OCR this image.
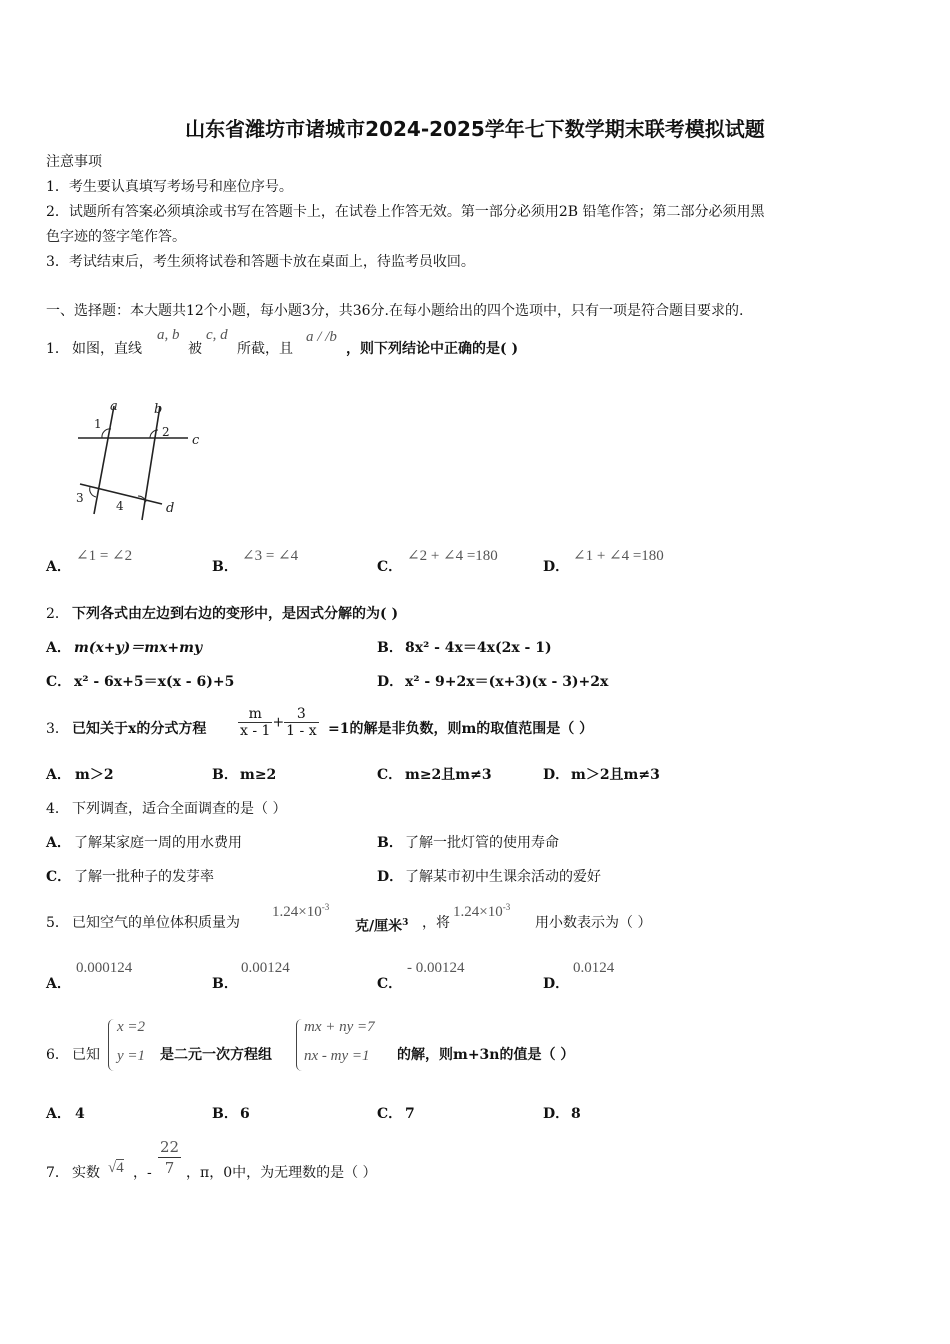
山东省潍坊市诸城市2024-2025学年七下数学期末联考模拟试题
注意事项
1．考生要认真填写考场号和座位序号。
2．试题所有答案必须填涂或书写在答题卡上，在试卷上作答无效。第一部分必须用2B 铅笔作答；第二部分必须用黑
色字迹的签字笔作答。
3．考试结束后，考生须将试卷和答题卡放在桌面上，待监考员收回。
一、选择题：本大题共12个小题，每小题3分，共36分.在每小题给出的四个选项中，只有一项是符合题目要求的.
1． 如图，直线
a, b
被
c, d
所截，且
a / /b
，则下列结论中正确的是( )
a	b
c
d
1
2
3
4
A．
∠1 = ∠2
B．
∠3 = ∠4
C．
∠2 + ∠4 =180
D．
∠1 + ∠4 =180
2． 下列各式由左边到右边的变形中，是因式分解的为( )
A． m(x+y)＝mx+my	B． 8x² - 4x＝4x(2x - 1)
C． x² - 6x+5＝x(x - 6)+5	D． x² - 9+2x＝(x+3)(x - 3)+2x
3． 已知关于x的分式方程 $\frac{m}{x - 1} + \frac{3}{1 - x} =1$的解是非负数，则m的取值范围是（ ）
A． m＞2	B． m≥2	C． m≥2且m≠3	D． m＞2且m≠3
4． 下列调查，适合全面调查的是（ ）
A． 了解某家庭一周的用水费用	B． 了解一批灯管的使用寿命
C． 了解一批种子的发芽率	D． 了解某市初中生课余活动的爱好
5． 已知空气的单位体积质量为
$1.24\times 10^{-3}$
克/厘米$^3$ ，将
$1.24\times 10^{-3}$
用小数表示为（ ）
A．
0.000124
B．
0.00124
C．
- 0.00124
D．
0.0124
6． 已知
x =2
y =1 是二元一次方程组
mx + ny =7
nx - my =1 的解，则m+3n的值是（ ）
A． 4	B． 6	C． 7	D． 8
7． 实数 √4 ，- $\frac{22}{7}$ ，π，0中，为无理数的是（ ）
